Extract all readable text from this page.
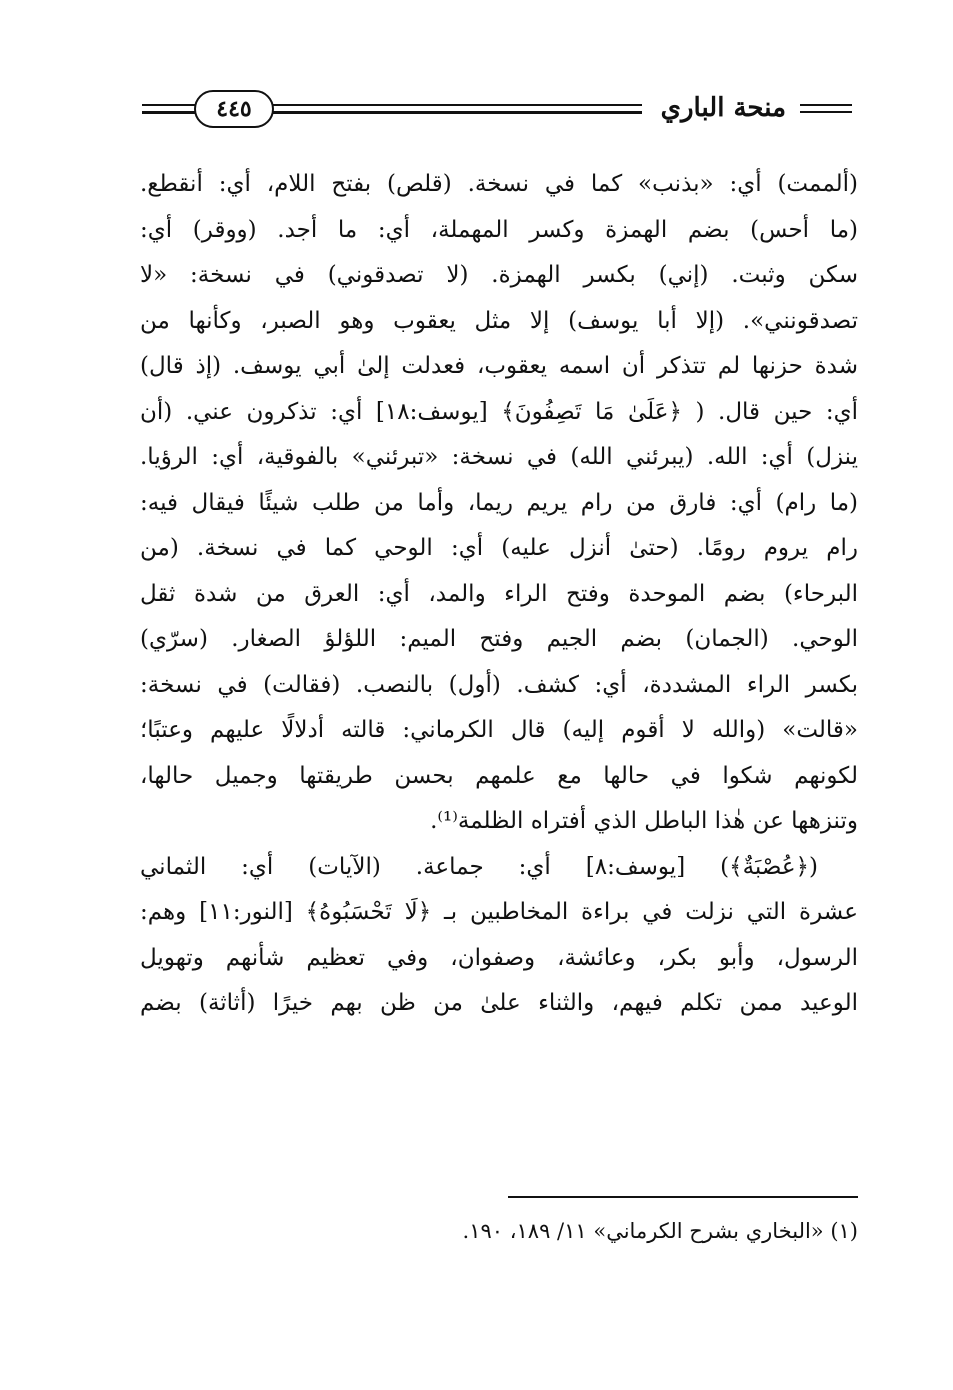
منحة الباري
٤٤٥
(ألممت) أي: «بذنب» كما في نسخة. (قلص) بفتح اللام، أي: أنقطع.
(ما أحس) بضم الهمزة وكسر المهملة، أي: ما أجد. (ووقر) أي:
سكن وثبت. (إني) بكسر الهمزة. (لا تصدقوني) في نسخة: «لا
تصدقونني». (إلا أبا يوسف) إلا مثل يعقوب وهو الصبر، وكأنها من
شدة حزنها لم تتذكر أن اسمه يعقوب، فعدلت إلىٰ أبي يوسف. (إذ قال)
أي: حين قال. ( ﴿عَلَىٰ مَا تَصِفُونَ﴾ [يوسف:١٨] أي: تذكرون عني. (أن
ينزل) أي: الله. (يبرئني الله) في نسخة: «تبرئني» بالفوقية، أي: الرؤيا.
(ما رام) أي: فارق من رام يريم ريما، وأما من طلب شيئًا فيقال فيه:
رام يروم رومًا. (حتىٰ أنزل عليه) أي: الوحي كما في نسخة. (من
البرحاء) بضم الموحدة وفتح الراء والمد، أي: العرق من شدة ثقل
الوحي. (الجمان) بضم الجيم وفتح الميم: اللؤلؤ الصغار. (سرّي)
بكسر الراء المشددة، أي: كشف. (أول) بالنصب. (فقالت) في نسخة:
«قالت» (والله لا أقوم إليه) قال الكرماني: قالته أدلالًا عليهم وعتبًا؛
لكونهم شكوا في حالها مع علمهم بحسن طريقتها وجميل حالها،
وتنزهها عن هٰذا الباطل الذي أفتراه الظلمة⁽¹⁾.
(﴿عُصْبَةٌ﴾) [يوسف:٨] أي: جماعة. (الآيات) أي: الثماني
عشرة التي نزلت في براءة المخاطبين بـ ﴿لَا تَحْسَبُوهُ﴾ [النور:١١] وهم:
الرسول، وأبو بكر، وعائشة، وصفوان، وفي تعظيم شأنهم وتهويل
الوعيد ممن تكلم فيهم، والثناء علىٰ من ظن بهم خيرًا (أثاثة) بضم
(١) «البخاري بشرح الكرماني» ١١/ ١٨٩، ١٩٠.
